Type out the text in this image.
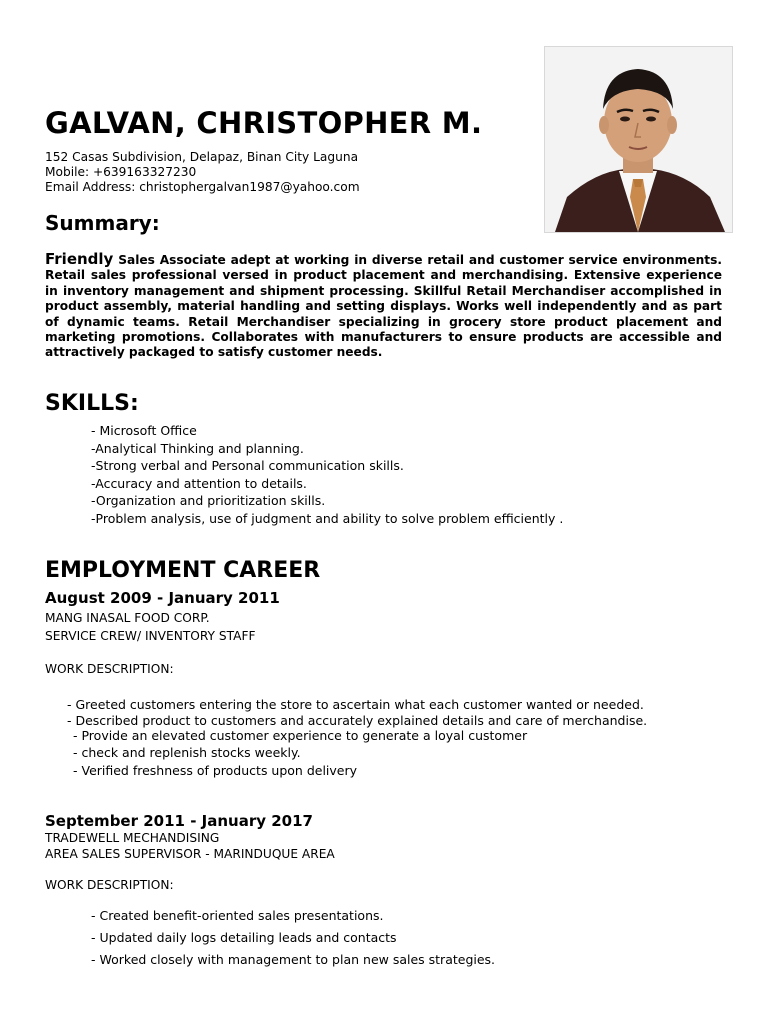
GALVAN, CHRISTOPHER M.
152 Casas Subdivision, Delapaz, Binan City Laguna
Mobile: +639163327230
Email Address: christophergalvan1987@yahoo.com
Summary:
Friendly Sales Associate adept at working in diverse retail and customer service environments. Retail sales professional versed in product placement and merchandising. Extensive experience in inventory management and shipment processing. Skillful Retail Merchandiser accomplished in product assembly, material handling and setting displays. Works well independently and as part of dynamic teams. Retail Merchandiser specializing in grocery store product placement and marketing promotions. Collaborates with manufacturers to ensure products are accessible and attractively packaged to satisfy customer needs.
SKILLS:
- Microsoft Office
-Analytical Thinking and planning.
-Strong verbal and Personal communication skills.
-Accuracy and attention to details.
-Organization and prioritization skills.
-Problem analysis, use of judgment and ability to solve problem efficiently .
EMPLOYMENT CAREER
August 2009 - January 2011
MANG INASAL FOOD CORP.
SERVICE CREW/ INVENTORY STAFF
WORK DESCRIPTION:
- Greeted customers entering the store to ascertain what each customer wanted or needed.
- Described product to customers and accurately explained details and care of merchandise.
- Provide an elevated customer experience to generate a loyal customer
- check and replenish stocks weekly.
- Verified freshness of products upon delivery
September 2011 - January 2017
TRADEWELL MECHANDISING
AREA SALES SUPERVISOR - MARINDUQUE AREA
WORK DESCRIPTION:
- Created benefit-oriented sales presentations.
- Updated daily logs detailing leads and contacts
- Worked closely with management to plan new sales strategies.
